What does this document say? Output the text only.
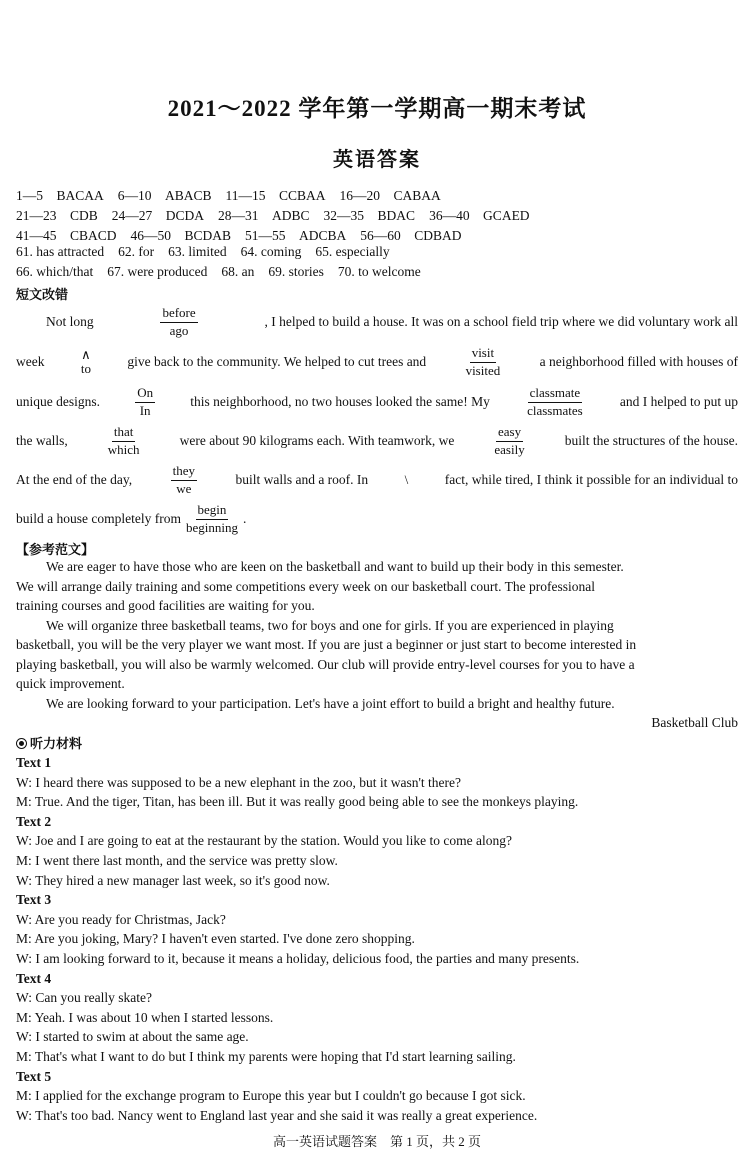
2021～2022 学年第一学期高一期末考试
英语答案
1—5　BACAA 6—10　ABACB 11—15　CCBAA 16—20　CABAA
21—23　CDB 24—27　DCDA 28—31　ADBC 32—35　BDAC 36—40　GCAED
41—45　CBACD 46—50　BCDAB 51—55　ADCBA 56—60　CDBAD
61. has attracted 62. for 63. limited 64. coming 65. especially
66. which/that 67. were produced 68. an 69. stories 70. to welcome
短文改错
Not long
before
ago
, I helped to build a house. It was on a school field trip where we did voluntary work all
week	∧
to	give back to the community. We helped to cut trees and
visit
visited
a neighborhood filled with houses of
unique designs.
On
In
this neighborhood, no two houses looked the same! My
classmate
classmates
and I helped to put up
the walls,
that
which
were about 90 kilograms each. With teamwork, we
easy
easily
built the structures of the house.
At the end of the day,
they
we
built walls and a roof. In	\	fact, while tired, I think it possible for an individual to
build a house completely from
begin
beginning
.
【参考范文】
We are eager to have those who are keen on the basketball and want to build up their body in this semester.
We will arrange daily training and some competitions every week on our basketball court. The professional
training courses and good facilities are waiting for you.
We will organize three basketball teams, two for boys and one for girls. If you are experienced in playing
basketball, you will be the very player we want most. If you are just a beginner or just start to become interested in
playing basketball, you will also be warmly welcomed. Our club will provide entry-level courses for you to have a
quick improvement.
We are looking forward to your participation. Let's have a joint effort to build a bright and healthy future.
Basketball Club
听力材料
Text 1
W: I heard there was supposed to be a new elephant in the zoo, but it wasn't there?
M: True. And the tiger, Titan, has been ill. But it was really good being able to see the monkeys playing.
Text 2
W: Joe and I are going to eat at the restaurant by the station. Would you like to come along?
M: I went there last month, and the service was pretty slow.
W: They hired a new manager last week, so it's good now.
Text 3
W: Are you ready for Christmas, Jack?
M: Are you joking, Mary? I haven't even started. I've done zero shopping.
W: I am looking forward to it, because it means a holiday, delicious food, the parties and many presents.
Text 4
W: Can you really skate?
M: Yeah. I was about 10 when I started lessons.
W: I started to swim at about the same age.
M: That's what I want to do but I think my parents were hoping that I'd start learning sailing.
Text 5
M: I applied for the exchange program to Europe this year but I couldn't go because I got sick.
W: That's too bad. Nancy went to England last year and she said it was really a great experience.
高一英语试题答案　第 1 页，共 2 页
